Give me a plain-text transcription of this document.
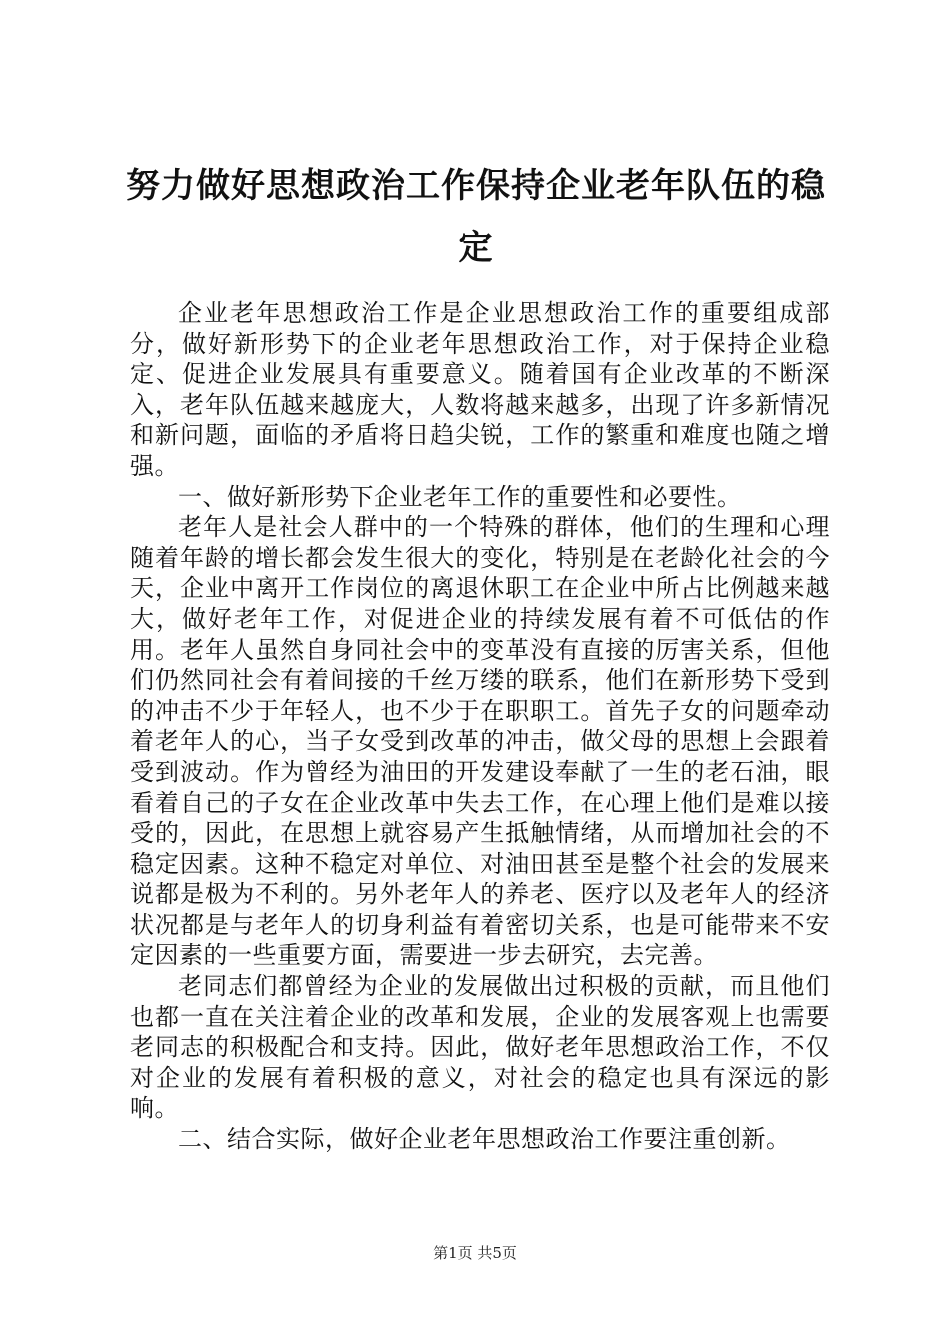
努力做好思想政治工作保持企业老年队伍的稳定

企业老年思想政治工作是企业思想政治工作的重要组成部分，做好新形势下的企业老年思想政治工作，对于保持企业稳定、促进企业发展具有重要意义。随着国有企业改革的不断深入，老年队伍越来越庞大，人数将越来越多，出现了许多新情况和新问题，面临的矛盾将日趋尖锐，工作的繁重和难度也随之增强。

一、做好新形势下企业老年工作的重要性和必要性。

老年人是社会人群中的一个特殊的群体，他们的生理和心理随着年龄的增长都会发生很大的变化，特别是在老龄化社会的今天，企业中离开工作岗位的离退休职工在企业中所占比例越来越大，做好老年工作，对促进企业的持续发展有着不可低估的作用。老年人虽然自身同社会中的变革没有直接的厉害关系，但他们仍然同社会有着间接的千丝万缕的联系，他们在新形势下受到的冲击不少于年轻人，也不少于在职职工。首先子女的问题牵动着老年人的心，当子女受到改革的冲击，做父母的思想上会跟着受到波动。作为曾经为油田的开发建设奉献了一生的老石油，眼看着自己的子女在企业改革中失去工作，在心理上他们是难以接受的，因此，在思想上就容易产生抵触情绪，从而增加社会的不稳定因素。这种不稳定对单位、对油田甚至是整个社会的发展来说都是极为不利的。另外老年人的养老、医疗以及老年人的经济状况都是与老年人的切身利益有着密切关系，也是可能带来不安定因素的一些重要方面，需要进一步去研究，去完善。

老同志们都曾经为企业的发展做出过积极的贡献，而且他们也都一直在关注着企业的改革和发展，企业的发展客观上也需要老同志的积极配合和支持。因此，做好老年思想政治工作，不仅对企业的发展有着积极的意义，对社会的稳定也具有深远的影响。

二、结合实际，做好企业老年思想政治工作要注重创新。

第1页 共5页
